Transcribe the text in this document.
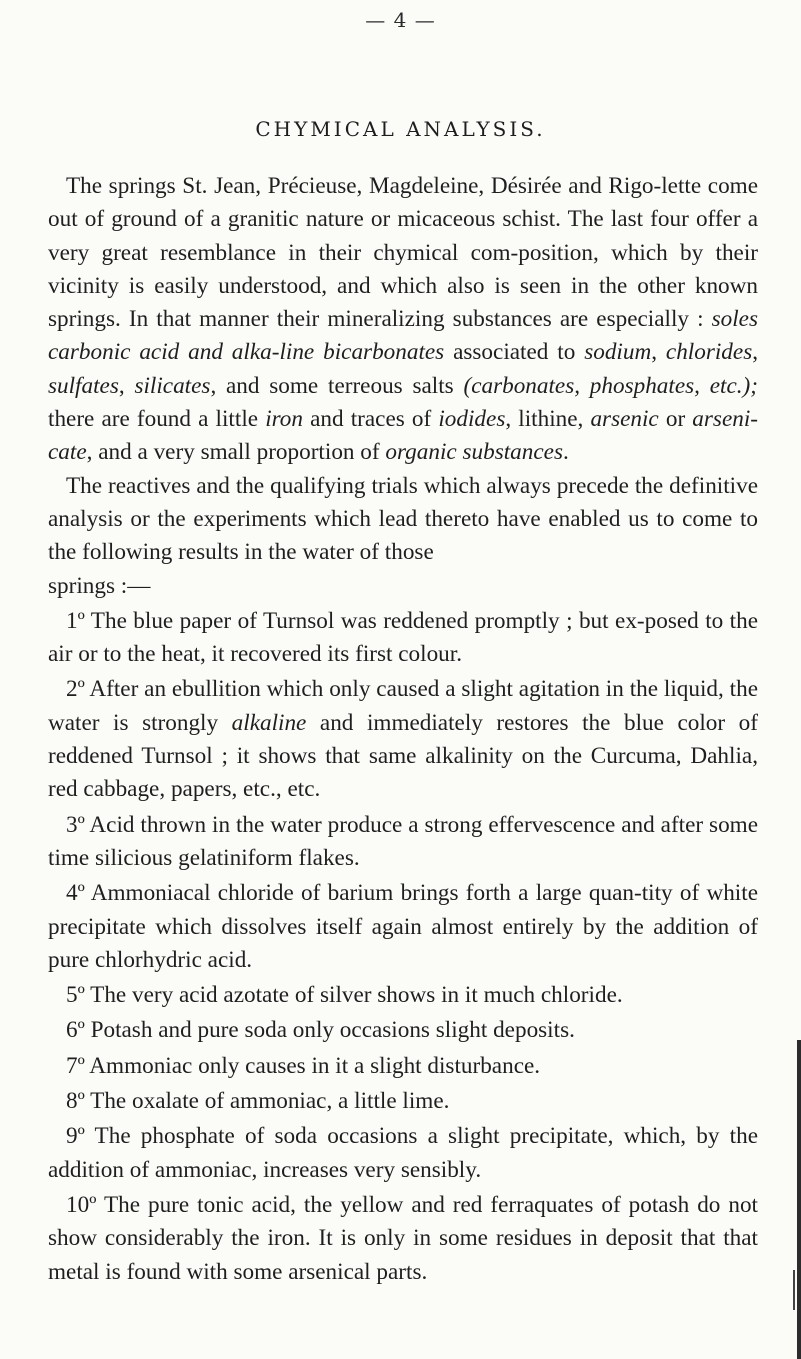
— 4 —
CHYMICAL ANALYSIS.

The springs St. Jean, Précieuse, Magdeleine, Désirée and Rigo-lette come out of ground of a granitic nature or micaceous schist. The last four offer a very great resemblance in their chymical com-position, which by their vicinity is easily understood, and which also is seen in the other known springs. In that manner their mineralizing substances are especially : soles carbonic acid and alka-line bicarbonates associated to sodium, chlorides, sulfates, silicates, and some terreous salts (carbonates, phosphates, etc.); there are found a little iron and traces of iodides, lithine, arsenic or arseni-cate, and a very small proportion of organic substances.

The reactives and the qualifying trials which always precede the definitive analysis or the experiments which lead thereto have enabled us to come to the following results in the water of those

springs :—

1º The blue paper of Turnsol was reddened promptly ; but ex-posed to the air or to the heat, it recovered its first colour.

2º After an ebullition which only caused a slight agitation in the liquid, the water is strongly alkaline and immediately restores the blue color of reddened Turnsol ; it shows that same alkalinity on the Curcuma, Dahlia, red cabbage, papers, etc., etc.

3º Acid thrown in the water produce a strong effervescence and after some time silicious gelatiniform flakes.

4º Ammoniacal chloride of barium brings forth a large quan-tity of white precipitate which dissolves itself again almost entirely by the addition of pure chlorhydric acid.

5º The very acid azotate of silver shows in it much chloride.

6º Potash and pure soda only occasions slight deposits.

7º Ammoniac only causes in it a slight disturbance.

8º The oxalate of ammoniac, a little lime.

9º The phosphate of soda occasions a slight precipitate, which, by the addition of ammoniac, increases very sensibly.

10º The pure tonic acid, the yellow and red ferraquates of potash do not show considerably the iron. It is only in some residues in deposit that that metal is found with some arsenical parts.
